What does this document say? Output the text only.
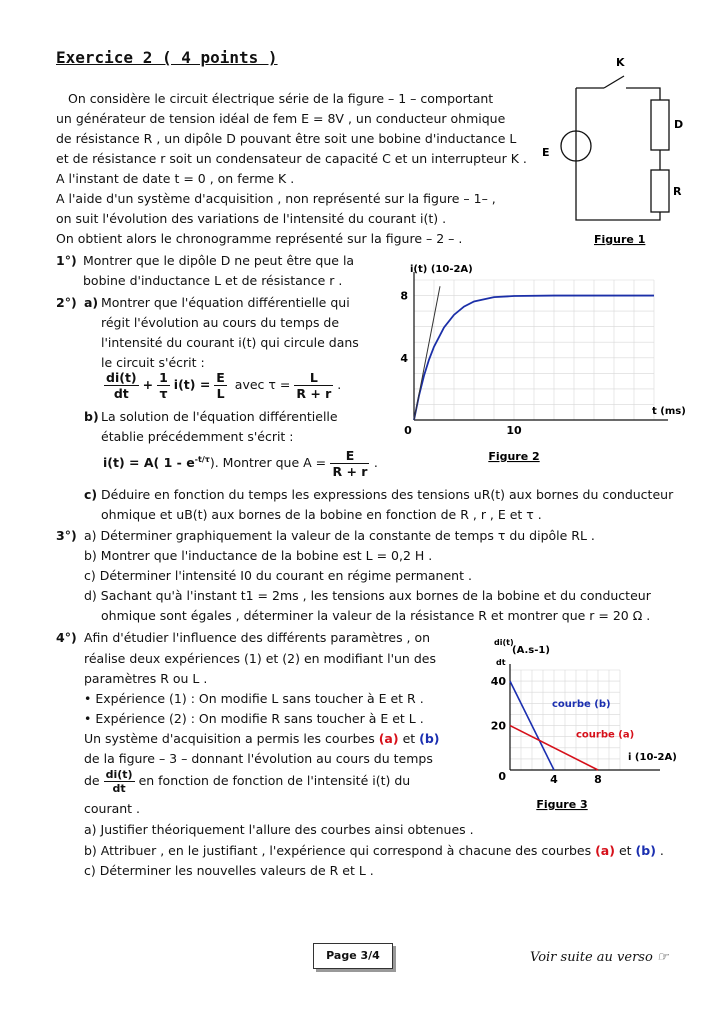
Exercice 2 ( 4 points )
On considère le circuit électrique série de la figure – 1 – comportant
un générateur de tension idéal de fem E = 8V , un conducteur ohmique
de résistance R , un dipôle D pouvant être soit une bobine d'inductance L
et de résistance r soit un condensateur de capacité C et un interrupteur K .
A l'instant de date t = 0 , on ferme K .
A l'aide d'un système d'acquisition , non représenté sur la figure – 1– ,
on suit l'évolution des variations de l'intensité du courant i(t) .
On obtient alors le chronogramme représenté sur la figure – 2 – .
K
D
E
R
Figure 1
1°) Montrer que le dipôle D ne peut être que la
bobine d'inductance L et de résistance r .
2°) a) Montrer que l'équation différentielle qui
régit l'évolution au cours du temps de
l'intensité du courant i(t) qui circule dans
le circuit s'écrit :
$\frac{di(t)}{dt} + \frac{1}{\tau} i(t) = \frac{E}{L}$ avec $\tau = \frac{L}{R + r}$ .
b) La solution de l'équation différentielle
établie précédemment s'écrit :
i(t) = A( $1 - e^{-t/\tau}$). Montrer que $A = \frac{E}{R + r}$ .
i(t) (10-2A)
t (ms)
0	10
4
8
Figure 2
c) Déduire en fonction du temps les expressions des tensions uR(t) aux bornes du conducteur
ohmique et uB(t) aux bornes de la bobine en fonction de R , r , E et τ .
3°) a) Déterminer graphiquement la valeur de la constante de temps τ du dipôle RL .
b) Montrer que l'inductance de la bobine est L = 0,2 H .
c) Déterminer l'intensité I0 du courant en régime permanent .
d) Sachant qu'à l'instant t1 = 2ms , les tensions aux bornes de la bobine et du conducteur
ohmique sont égales , déterminer la valeur de la résistance R et montrer que r = 20 Ω .
4°) Afin d'étudier l'influence des différents paramètres , on
réalise deux expériences (1) et (2) en modifiant l'un des
paramètres R ou L .
• Expérience (1) : On modifie L sans toucher à E et R .
• Expérience (2) : On modifie R sans toucher à E et L .
Un système d'acquisition a permis les courbes (a) et (b)
de la figure – 3 – donnant l'évolution au cours du temps
de $\frac{di(t)}{dt}$ en fonction de fonction de l'intensité i(t) du
courant .
a) Justifier théoriquement l'allure des courbes ainsi obtenues .
b) Attribuer , en le justifiant , l'expérience qui correspond à chacune des courbes (a) et (b) .
c) Déterminer les nouvelles valeurs de R et L .
di(t)
(A.s-1)
dt
i (10-2A)
0	4	8
20
40
courbe (b)
courbe (a)
Figure 3
Page 3/4	Voir suite au verso ☞
